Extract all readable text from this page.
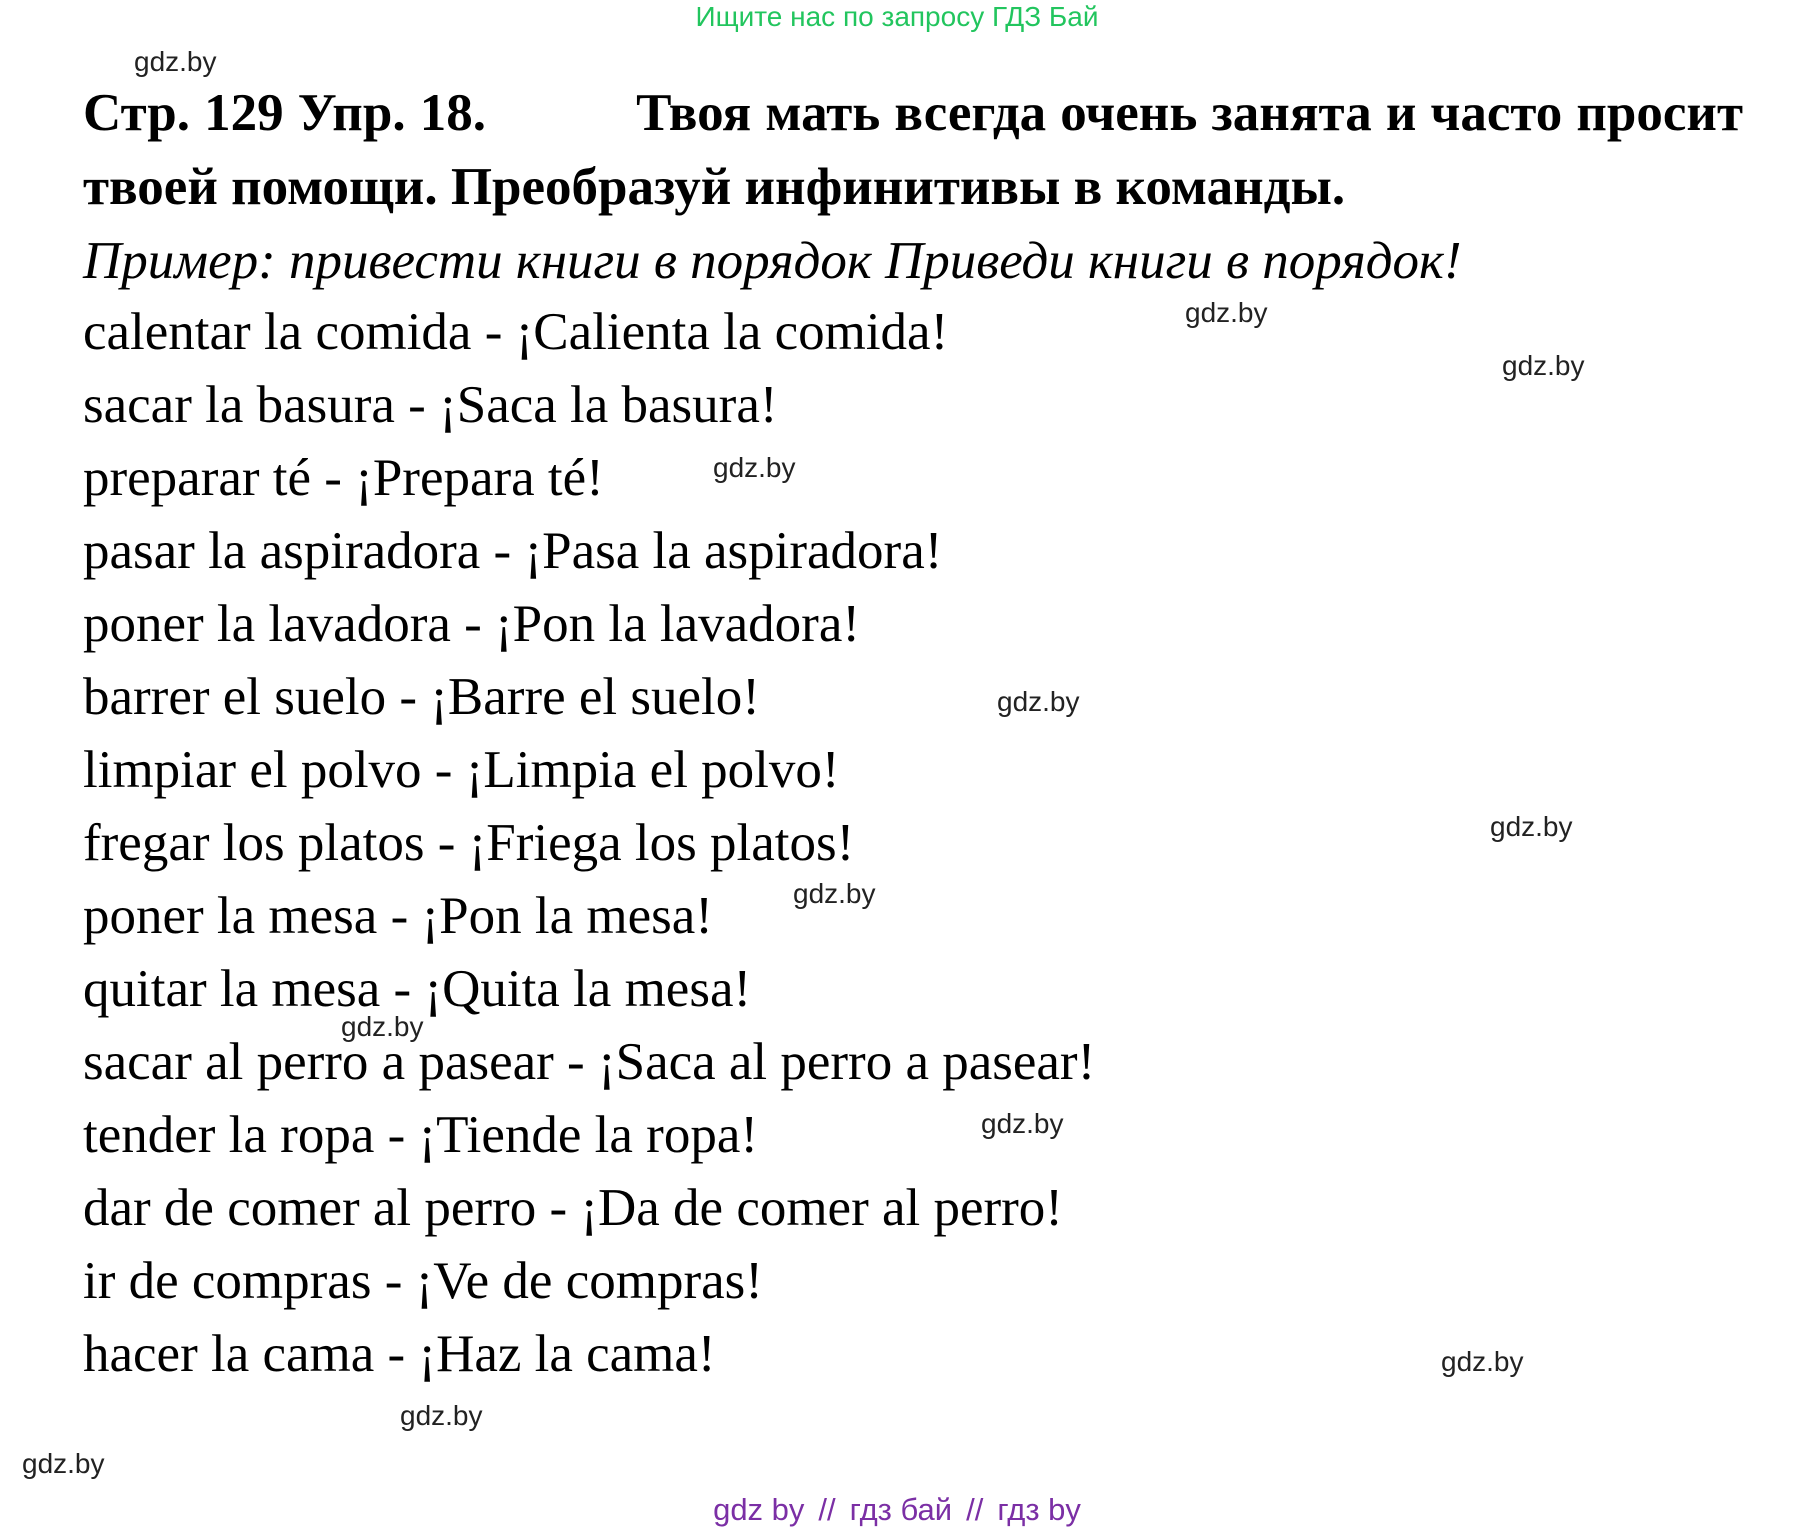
Ищите нас по запросу ГДЗ Бай
gdz.by
gdz.by
gdz.by
gdz.by
gdz.by
gdz.by
gdz.by
gdz.by
gdz.by
gdz.by
gdz.by
gdz.by
Стр. 129 Упр. 18.	Твоя мать всегда очень занята и часто просит твоей помощи. Преобразуй инфинитивы в команды.
Пример: привести книги в порядок Приведи книги в порядок!
calentar la comida - ¡Calienta la comida!
sacar la basura - ¡Saca la basura!
preparar té - ¡Prepara té!
pasar la aspiradora - ¡Pasa la aspiradora!
poner la lavadora - ¡Pon la lavadora!
barrer el suelo - ¡Barre el suelo!
limpiar el polvo - ¡Limpia el polvo!
fregar los platos - ¡Friega los platos!
poner la mesa - ¡Pon la mesa!
quitar la mesa - ¡Quita la mesa!
sacar al perro a pasear - ¡Saca al perro a pasear!
tender la ropa - ¡Tiende la ropa!
dar de comer al perro - ¡Da de comer al perro!
ir de compras - ¡Ve de compras!
hacer la cama - ¡Haz la cama!
gdz by // гдз бай // гдз by
